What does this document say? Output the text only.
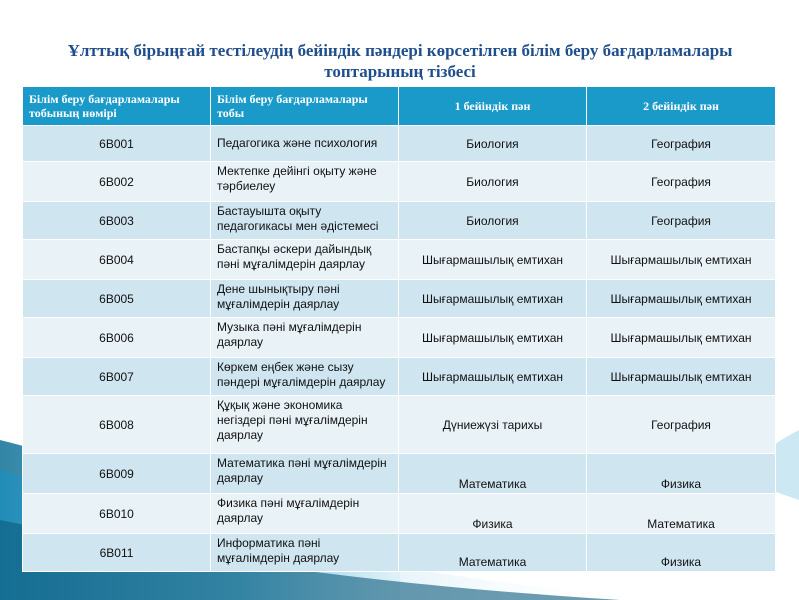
Ұлттық бірыңғай тестілеудің бейіндік пәндері көрсетілген білім беру бағдарламалары
топтарының тізбесі
Білім беру бағдарламалары тобының нөмірі	Білім беру бағдарламалары тобы	1 бейіндік пән	2 бейіндік пән
6В001	Педагогика және психология	Биология	География
6В002	Мектепке дейінгі оқыту және тәрбиелеу	Биология	География
6В003	Бастауышта оқыту педагогикасы мен әдістемесі	Биология	География
6В004	Бастапқы әскери дайындық пәні мұғалімдерін даярлау	Шығармашылық емтихан	Шығармашылық емтихан
6В005	Дене шынықтыру пәні мұғалімдерін даярлау	Шығармашылық емтихан	Шығармашылық емтихан
6В006	Музыка пәні мұғалімдерін даярлау	Шығармашылық емтихан	Шығармашылық емтихан
6В007	Көркем еңбек және сызу пәндері мұғалімдерін даярлау	Шығармашылық емтихан	Шығармашылық емтихан
6В008	Құқық және экономика негіздері пәні мұғалімдерін даярлау	Дүниежүзі тарихы	География
6В009	Математика пәні мұғалімдерін даярлау	Математика	Физика
6В010	Физика пәні мұғалімдерін даярлау	Физика	Математика
6В011	Информатика пәні мұғалімдерін даярлау	Математика	Физика
